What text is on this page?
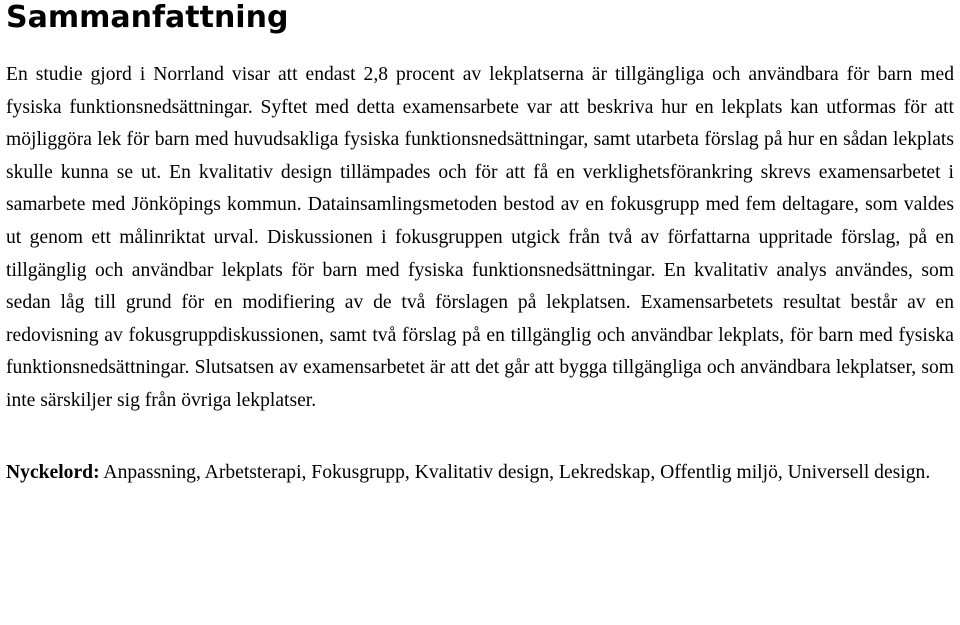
Sammanfattning

En studie gjord i Norrland visar att endast 2,8 procent av lekplatserna är tillgängliga och användbara för barn med fysiska funktionsnedsättningar. Syftet med detta examensarbete var att beskriva hur en lekplats kan utformas för att möjliggöra lek för barn med huvudsakliga fysiska funktionsnedsättningar, samt utarbeta förslag på hur en sådan lekplats skulle kunna se ut. En kvalitativ design tillämpades och för att få en verklighetsförankring skrevs examensarbetet i samarbete med Jönköpings kommun. Datainsamlingsmetoden bestod av en fokusgrupp med fem deltagare, som valdes ut genom ett målinriktat urval. Diskussionen i fokusgruppen utgick från två av författarna uppritade förslag, på en tillgänglig och användbar lekplats för barn med fysiska funktionsnedsättningar. En kvalitativ analys användes, som sedan låg till grund för en modifiering av de två förslagen på lekplatsen. Examensarbetets resultat består av en redovisning av fokusgruppdiskussionen, samt två förslag på en tillgänglig och användbar lekplats, för barn med fysiska funktionsnedsättningar. Slutsatsen av examensarbetet är att det går att bygga tillgängliga och användbara lekplatser, som inte särskiljer sig från övriga lekplatser.

Nyckelord: Anpassning, Arbetsterapi, Fokusgrupp, Kvalitativ design, Lekredskap, Offentlig miljö, Universell design.
